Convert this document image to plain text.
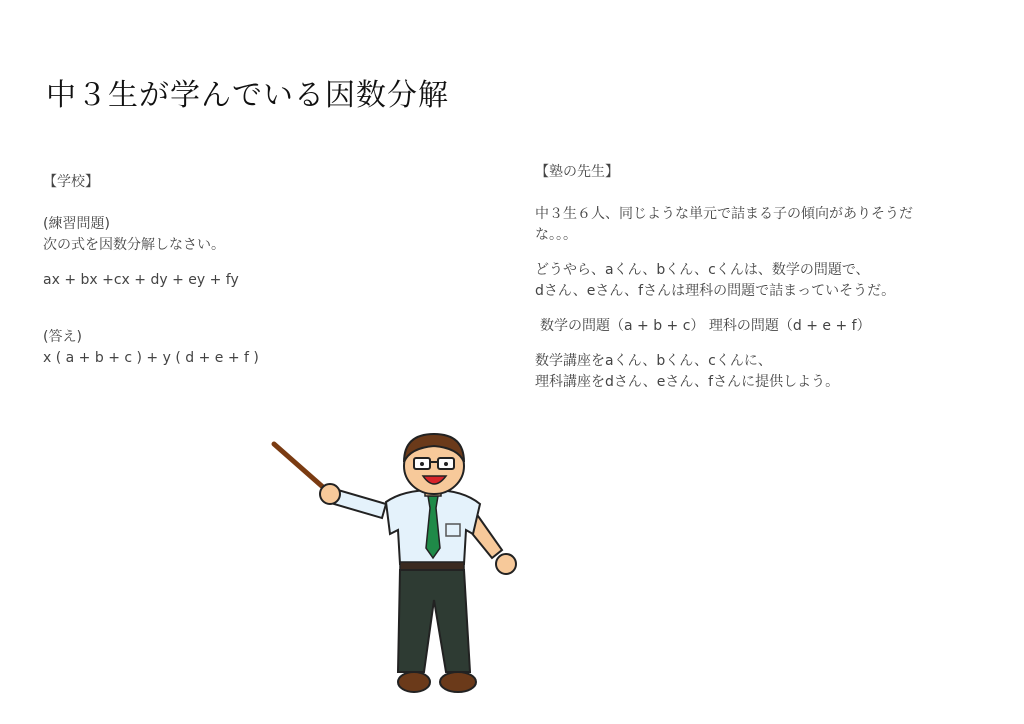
中３生が学んでいる因数分解
【学校】
(練習問題)
次の式を因数分解しなさい。
ax + bx +cx + dy + ey + fy
(答え)
x ( a + b + c ) + y ( d + e + f )
【塾の先生】
中３生６人、同じような単元で詰まる子の傾向がありそうだ
な。。。
どうやら、aくん、bくん、cくんは、数学の問題で、
dさん、eさん、fさんは理科の問題で詰まっていそうだ。
数学の問題（a + b + c） 理科の問題（d + e + f）
数学講座をaくん、bくん、cくんに、
理科講座をdさん、eさん、fさんに提供しよう。
